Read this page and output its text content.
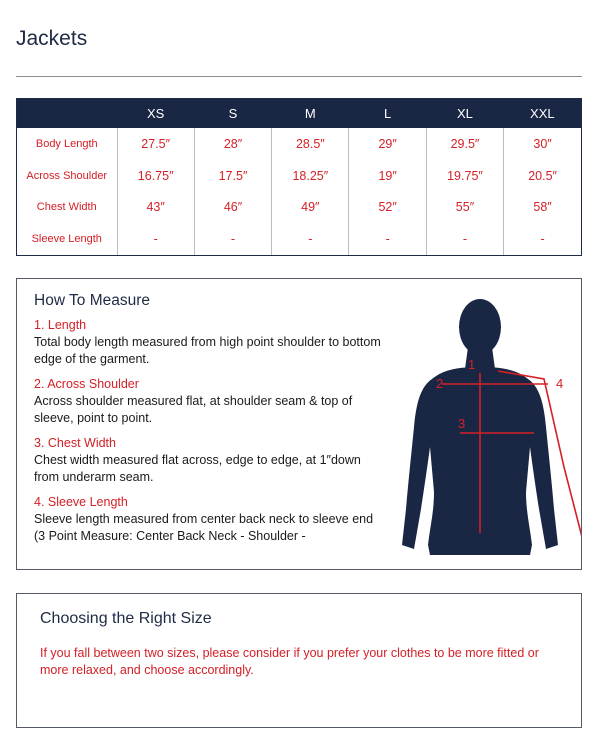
Jackets
	XS	S	M	L	XL	XXL
Body Length	27.5″	28″	28.5″	29″	29.5″	30″
Across Shoulder	16.75″	17.5″	18.25″	19″	19.75″	20.5″
Chest Width	43″	46″	49″	52″	55″	58″
Sleeve Length	-	-	-	-	-	-
How To Measure
1. Length
Total body length measured from high point shoulder to bottom edge of the garment.
2. Across Shoulder
Across shoulder measured flat, at shoulder seam & top of sleeve, point to point.
3. Chest Width
Chest width measured flat across, edge to edge, at 1″down from underarm seam.
4. Sleeve Length
Sleeve length measured from center back neck to sleeve end (3 Point Measure: Center Back Neck - Shoulder -
1
2
3
4
Choosing the Right Size
If you fall between two sizes, please consider if you prefer your clothes to be more fitted or more relaxed, and choose accordingly.
